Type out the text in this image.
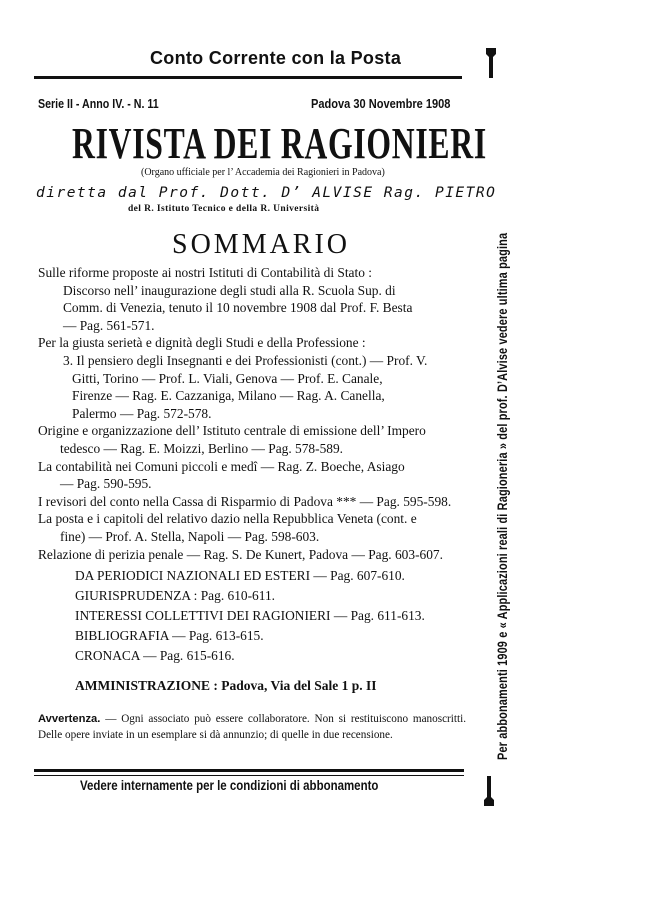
Conto Corrente con la Posta
Serie II - Anno IV. - N. 11	Padova 30 Novembre 1908
RIVISTA DEI RAGIONIERI
(Organo ufficiale per l’ Accademia dei Ragionieri in Padova)
diretta dal Prof. Dott. D’ ALVISE Rag. PIETRO
del R. Istituto Tecnico e della R. Università
SOMMARIO
Sulle riforme proposte ai nostri Istituti di Contabilità di Stato :
Discorso nell’ inaugurazione degli studi alla R. Scuola Sup. di
Comm. di Venezia, tenuto il 10 novembre 1908 dal Prof. F. Besta
— Pag. 561-571.
Per la giusta serietà e dignità degli Studi e della Professione :
3. Il pensiero degli Insegnanti e dei Professionisti (cont.) — Prof. V.
Gitti, Torino — Prof. L. Viali, Genova — Prof. E. Canale,
Firenze — Rag. E. Cazzaniga, Milano — Rag. A. Canella,
Palermo — Pag. 572-578.
Origine e organizzazione dell’ Istituto centrale di emissione dell’ Impero
tedesco — Rag. E. Moizzi, Berlino — Pag. 578-589.
La contabilità nei Comuni piccoli e medî — Rag. Z. Boeche, Asiago
— Pag. 590-595.
I revisori del conto nella Cassa di Risparmio di Padova *** — Pag. 595-598.
La posta e i capitoli del relativo dazio nella Repubblica Veneta (cont. e
fine) — Prof. A. Stella, Napoli — Pag. 598-603.
Relazione di perizia penale — Rag. S. De Kunert, Padova — Pag. 603-607.
DA PERIODICI NAZIONALI ED ESTERI — Pag. 607-610.
GIURISPRUDENZA : Pag. 610-611.
INTERESSI COLLETTIVI DEI RAGIONIERI — Pag. 611-613.
BIBLIOGRAFIA — Pag. 613-615.
CRONACA — Pag. 615-616.
AMMINISTRAZIONE : Padova, Via del Sale 1 p. II
Avvertenza. — Ogni associato può essere collaboratore. Non si restituiscono manoscritti. Delle opere inviate in un esemplare si dà annunzio; di quelle in due recensione.
Vedere internamente per le condizioni di abbonamento
Per abbonamenti 1909 e « Applicazioni reali di Ragioneria » del prof. D’Alvise vedere ultima pagina
